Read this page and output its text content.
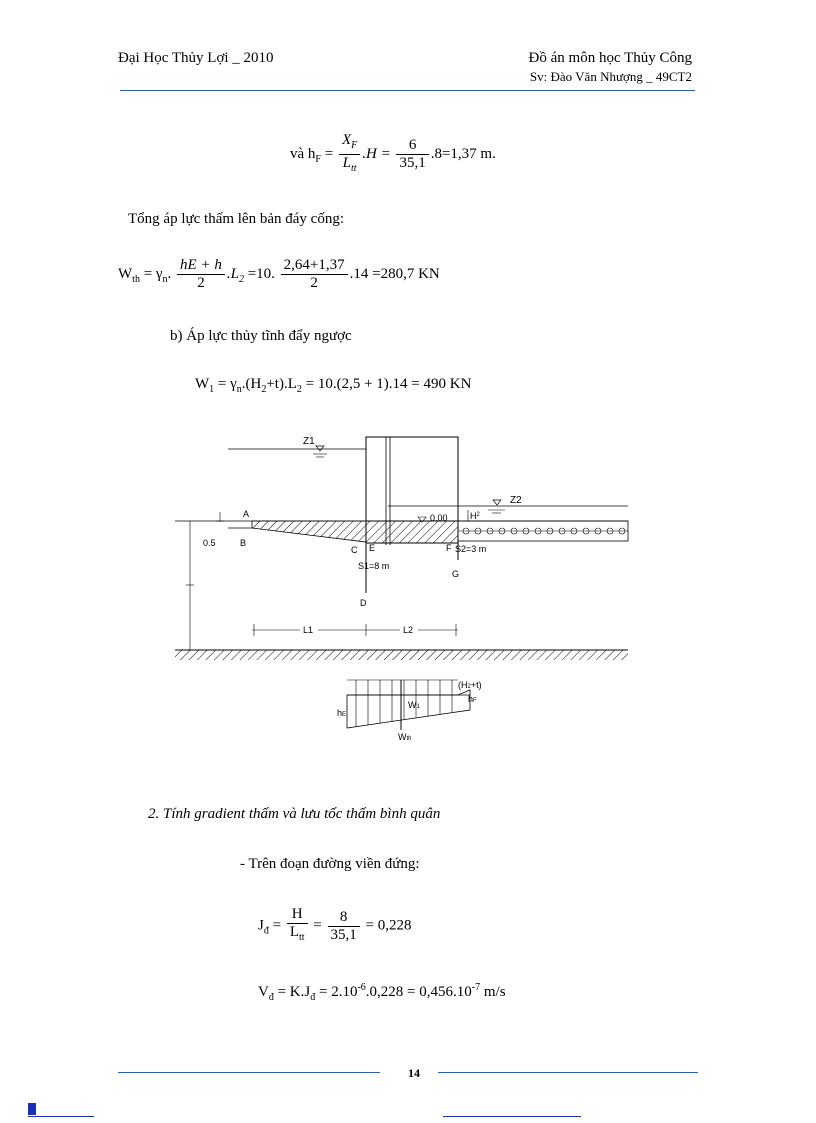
Đại Học Thủy Lợi _ 2010	Đồ án môn học Thủy Công
Sv: Đào Văn Nhượng _ 49CT2
và $h_F = \frac{X_F}{L_{tt}} .H = \frac{6}{35,1} .8=1,37$ m.
Tổng áp lực thấm lên bản đáy cống:
$W_{th} = \gamma_n$. $\frac{hE + h}{2} .L_2 =10$. $\frac{2,64+1,37}{2} .14 =280,7$ KN
b) Áp lực thủy tĩnh đẩy ngược
$W_1 = \gamma_n.(H_2+t).L_2 = 10.(2,5 + 1).14 = 490$ KN
Z1
Z2
A
B
0.5
C E	F
D
G
S1=8 m
S2=3 m
0.00 $H^2$
L1	L2
(H2+t)
hF
hE
W1
Wth
2. Tính gradient thấm và lưu tốc thấm bình quân
- Trên đoạn đường viền đứng:
$J_đ = \frac{H}{L_{tt}} = \frac{8}{35,1} = 0,228$
$V_đ = K.J_đ = 2.10^{-6}.0,228 = 0,456.10^{-7}$ m/s
14
